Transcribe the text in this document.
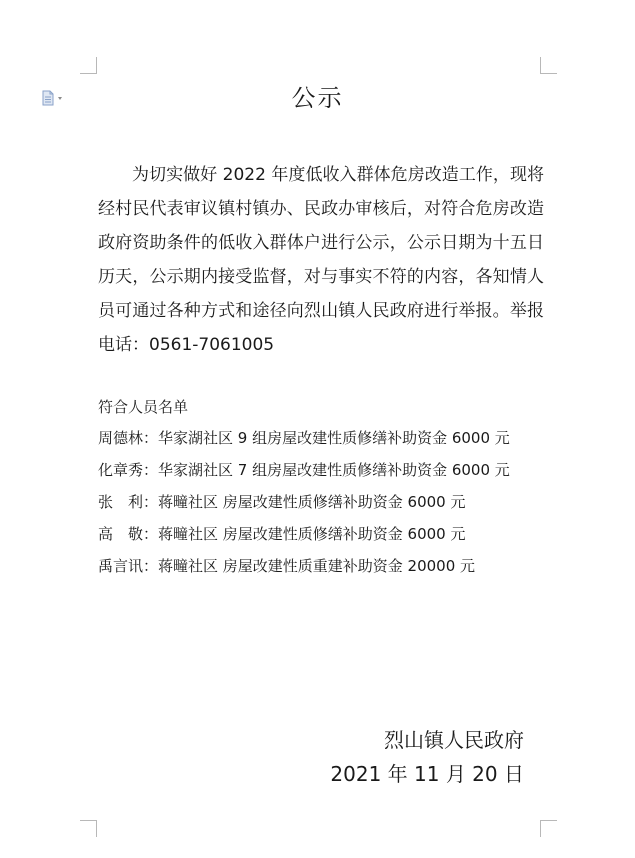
公示

为切实做好 2022 年度低收入群体危房改造工作，现将经村民代表审议镇村镇办、民政办审核后，对符合危房改造政府资助条件的低收入群体户进行公示，公示日期为十五日历天，公示期内接受监督，对与事实不符的内容，各知情人员可通过各种方式和途径向烈山镇人民政府进行举报。举报电话：0561-7061005

符合人员名单

周德林：华家湖社区 9 组房屋改建性质修缮补助资金 6000 元

化章秀：华家湖社区 7 组房屋改建性质修缮补助资金 6000 元

张　利：蒋疃社区 房屋改建性质修缮补助资金 6000 元

高　敬：蒋疃社区 房屋改建性质修缮补助资金 6000 元

禹言讯：蒋疃社区 房屋改建性质重建补助资金 20000 元

烈山镇人民政府
2021 年 11 月 20 日
